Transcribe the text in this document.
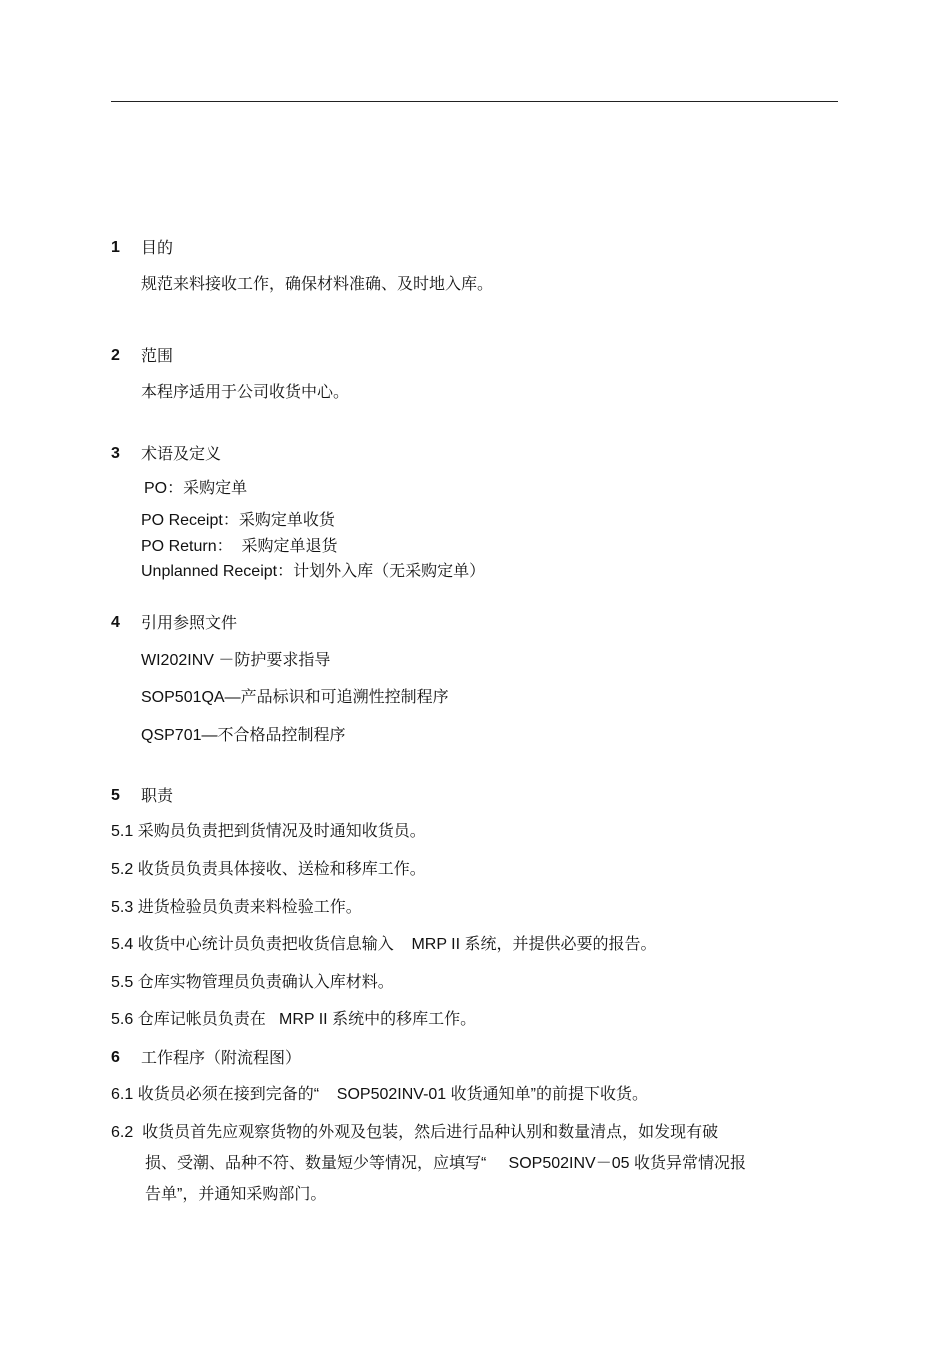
1 目的
规范来料接收工作，确保材料准确、及时地入库。
2 范围
本程序适用于公司收货中心。
3 术语及定义
PO：采购定单
PO Receipt：采购定单收货
PO Return：  采购定单退货
Unplanned Receipt：计划外入库（无采购定单）
4 引用参照文件
WI202INV －防护要求指导
SOP501QA—产品标识和可追溯性控制程序
QSP701—不合格品控制程序
5 职责
5.1 采购员负责把到货情况及时通知收货员。
5.2 收货员负责具体接收、送检和移库工作。
5.3 进货检验员负责来料检验工作。
5.4 收货中心统计员负责把收货信息输入    MRP II 系统，并提供必要的报告。
5.5 仓库实物管理员负责确认入库材料。
5.6 仓库记帐员负责在   MRP II 系统中的移库工作。
6 工作程序（附流程图）
6.1 收货员必须在接到完备的“    SOP502INV-01 收货通知单”的前提下收货。
6.2  收货员首先应观察货物的外观及包装，然后进行品种认别和数量清点，如发现有破
损、受潮、品种不符、数量短少等情况，应填写“     SOP502INV－05 收货异常情况报
告单”，并通知采购部门。
